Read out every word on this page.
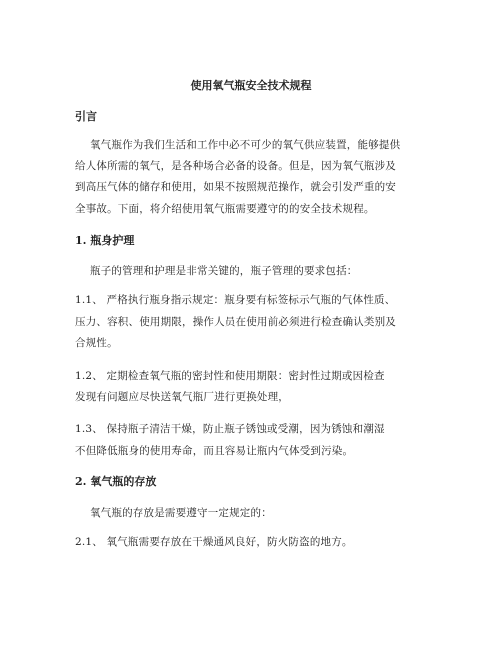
使用氧气瓶安全技术规程
引言
氧气瓶作为我们生活和工作中必不可少的氧气供应装置，能够提供
给人体所需的氧气，是各种场合必备的设备。但是，因为氧气瓶涉及
到高压气体的储存和使用，如果不按照规范操作，就会引发严重的安
全事故。下面，将介绍使用氧气瓶需要遵守的的安全技术规程。
1. 瓶身护理
瓶子的管理和护理是非常关键的，瓶子管理的要求包括：
1.1、 严格执行瓶身指示规定：瓶身要有标签标示气瓶的气体性质、
压力、容积、使用期限，操作人员在使用前必须进行检查确认类别及
合规性。
1.2、 定期检查氧气瓶的密封性和使用期限：密封性过期或因检查
发现有问题应尽快送氧气瓶厂进行更换处理，
1.3、 保持瓶子清洁干燥，防止瓶子锈蚀或受潮，因为锈蚀和潮湿
不但降低瓶身的使用寿命，而且容易让瓶内气体受到污染。
2. 氧气瓶的存放
氧气瓶的存放是需要遵守一定规定的：
2.1、 氧气瓶需要存放在干燥通风良好，防火防盗的地方。
